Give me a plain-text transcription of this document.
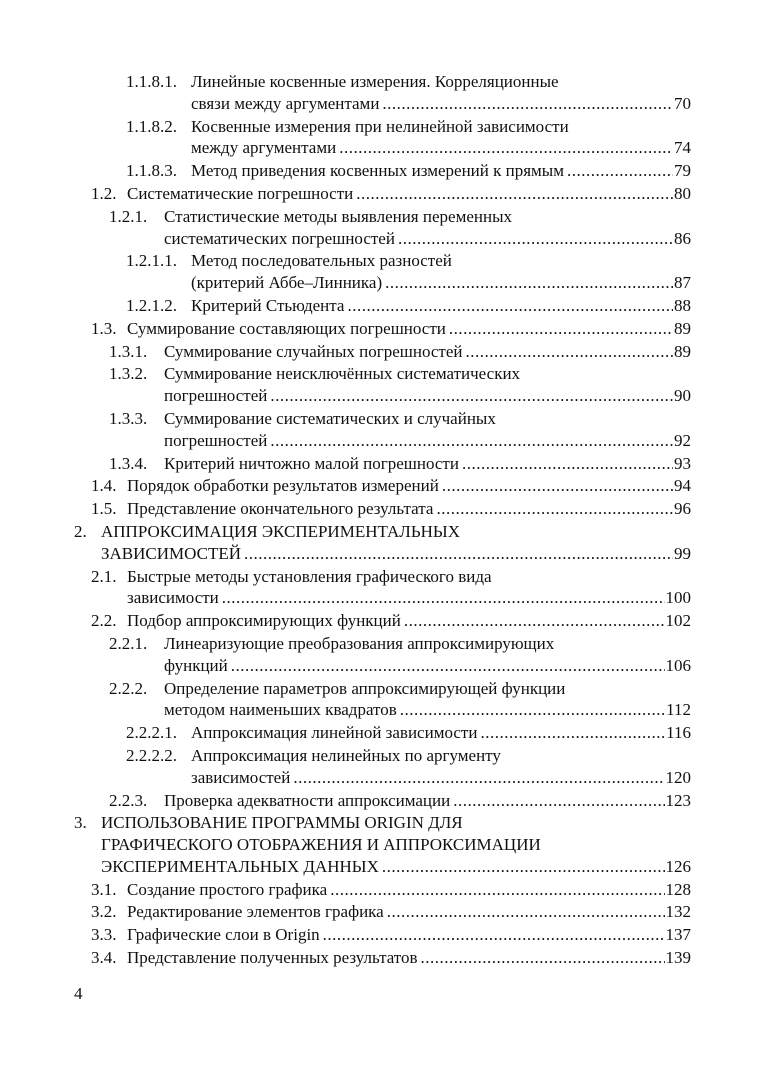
1.1.8.1. Линейные косвенные измерения. Корреляционные
связи между аргументами .....	70
1.1.8.2. Косвенные измерения при нелинейной зависимости
между аргументами .....	74
1.1.8.3. Метод приведения косвенных измерений к прямым .....	79
1.2. Систематические погрешности .....	80
1.2.1. Статистические методы выявления переменных
систематических погрешностей .....	86
1.2.1.1. Метод последовательных разностей
(критерий Аббе–Линника) .....	87
1.2.1.2. Критерий Стьюдента .....	88
1.3. Суммирование составляющих погрешности .....	89
1.3.1. Суммирование случайных погрешностей .....	89
1.3.2. Суммирование неисключённых систематических
погрешностей .....	90
1.3.3. Суммирование систематических и случайных
погрешностей .....	92
1.3.4. Критерий ничтожно малой погрешности .....	93
1.4. Порядок обработки результатов измерений .....	94
1.5. Представление окончательного результата .....	96
2. АППРОКСИМАЦИЯ ЭКСПЕРИМЕНТАЛЬНЫХ
ЗАВИСИМОСТЕЙ .....	99
2.1. Быстрые методы установления графического вида
зависимости .....	100
2.2. Подбор аппроксимирующих функций .....	102
2.2.1. Линеаризующие преобразования аппроксимирующих
функций .....	106
2.2.2. Определение параметров аппроксимирующей функции
методом наименьших квадратов .....	112
2.2.2.1. Аппроксимация линейной зависимости .....	116
2.2.2.2. Аппроксимация нелинейных по аргументу
зависимостей .....	120
2.2.3. Проверка адекватности аппроксимации .....	123
3. ИСПОЛЬЗОВАНИЕ ПРОГРАММЫ ORIGIN ДЛЯ
ГРАФИЧЕСКОГО ОТОБРАЖЕНИЯ И АППРОКСИМАЦИИ
ЭКСПЕРИМЕНТАЛЬНЫХ ДАННЫХ .....	126
3.1. Создание простого графика .....	128
3.2. Редактирование элементов графика .....	132
3.3. Графические слои в Origin .....	137
3.4. Представление полученных результатов .....	139
4
